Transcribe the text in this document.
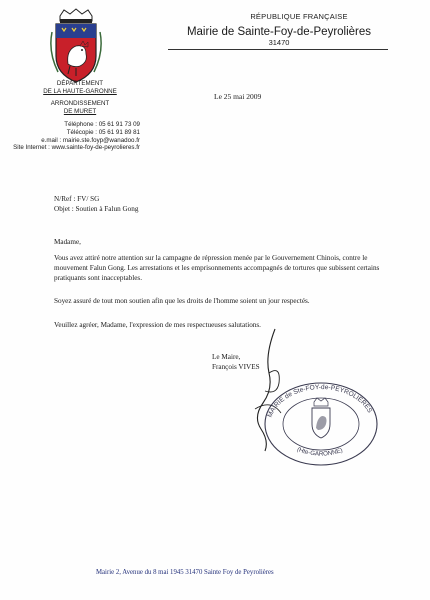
RÉPUBLIQUE FRANÇAISE
Mairie de Sainte-Foy-de-Peyrolières
31470
DÉPARTEMENT
DE LA HAUTE-GARONNE
ARRONDISSEMENT
DE MURET
Téléphone : 05 61 91 73 09
Télécopie : 05 61 91 89 81
e.mail : mairie.ste.foyp@wanadoo.fr
Site Internet : www.sainte-foy-de-peyrolieres.fr
Le 25 mai 2009
N/Ref : FV/ SG
Objet : Soutien à Falun Gong
Madame,
Vous avez attiré notre attention sur la campagne de répression menée par le Gouvernement Chinois, contre le mouvement Falun Gong. Les arrestations et les emprisonnements accompagnés de tortures que subissent certains pratiquants sont inacceptables.
Soyez assuré de tout mon soutien afin que les droits de l'homme soient un jour respectés.
Veuillez agréer, Madame, l'expression de mes respectueuses salutations.
Le Maire,
François VIVES
MAIRIE de Ste-FOY-de-PEYROLIÈRES
(Hte-GARONNE)
Mairie 2, Avenue du 8 mai 1945 31470 Sainte Foy de Peyrolières
